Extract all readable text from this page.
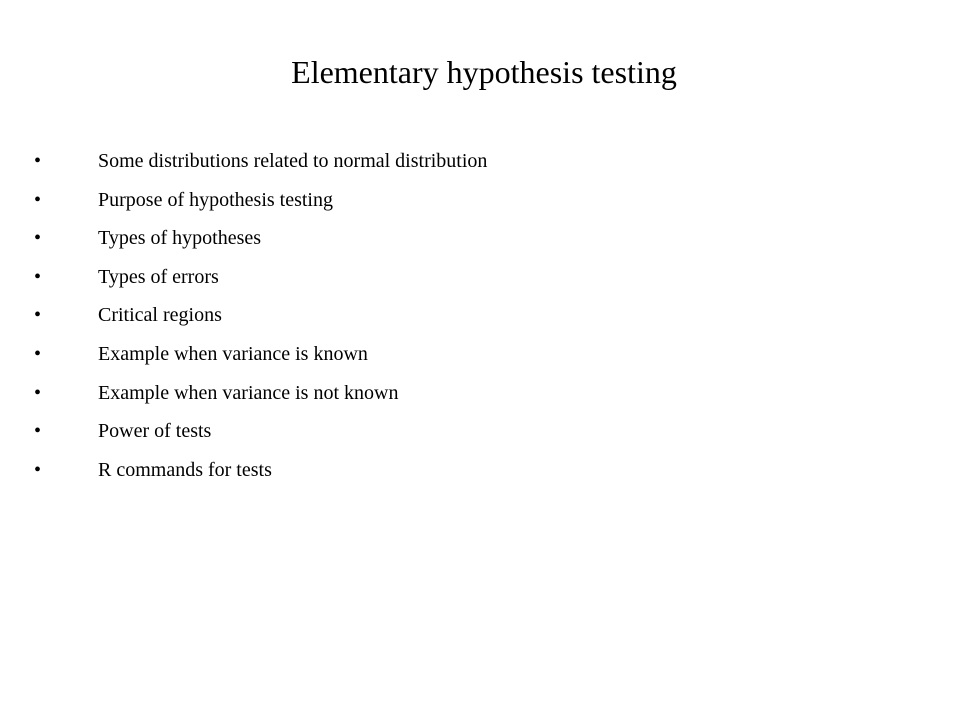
Elementary hypothesis testing
•	Some distributions related to normal distribution
•	Purpose of hypothesis testing
•	Types of hypotheses
•	Types of errors
•	Critical regions
•	Example when variance is known
•	Example when variance is not known
•	Power of tests
•	R commands for tests
